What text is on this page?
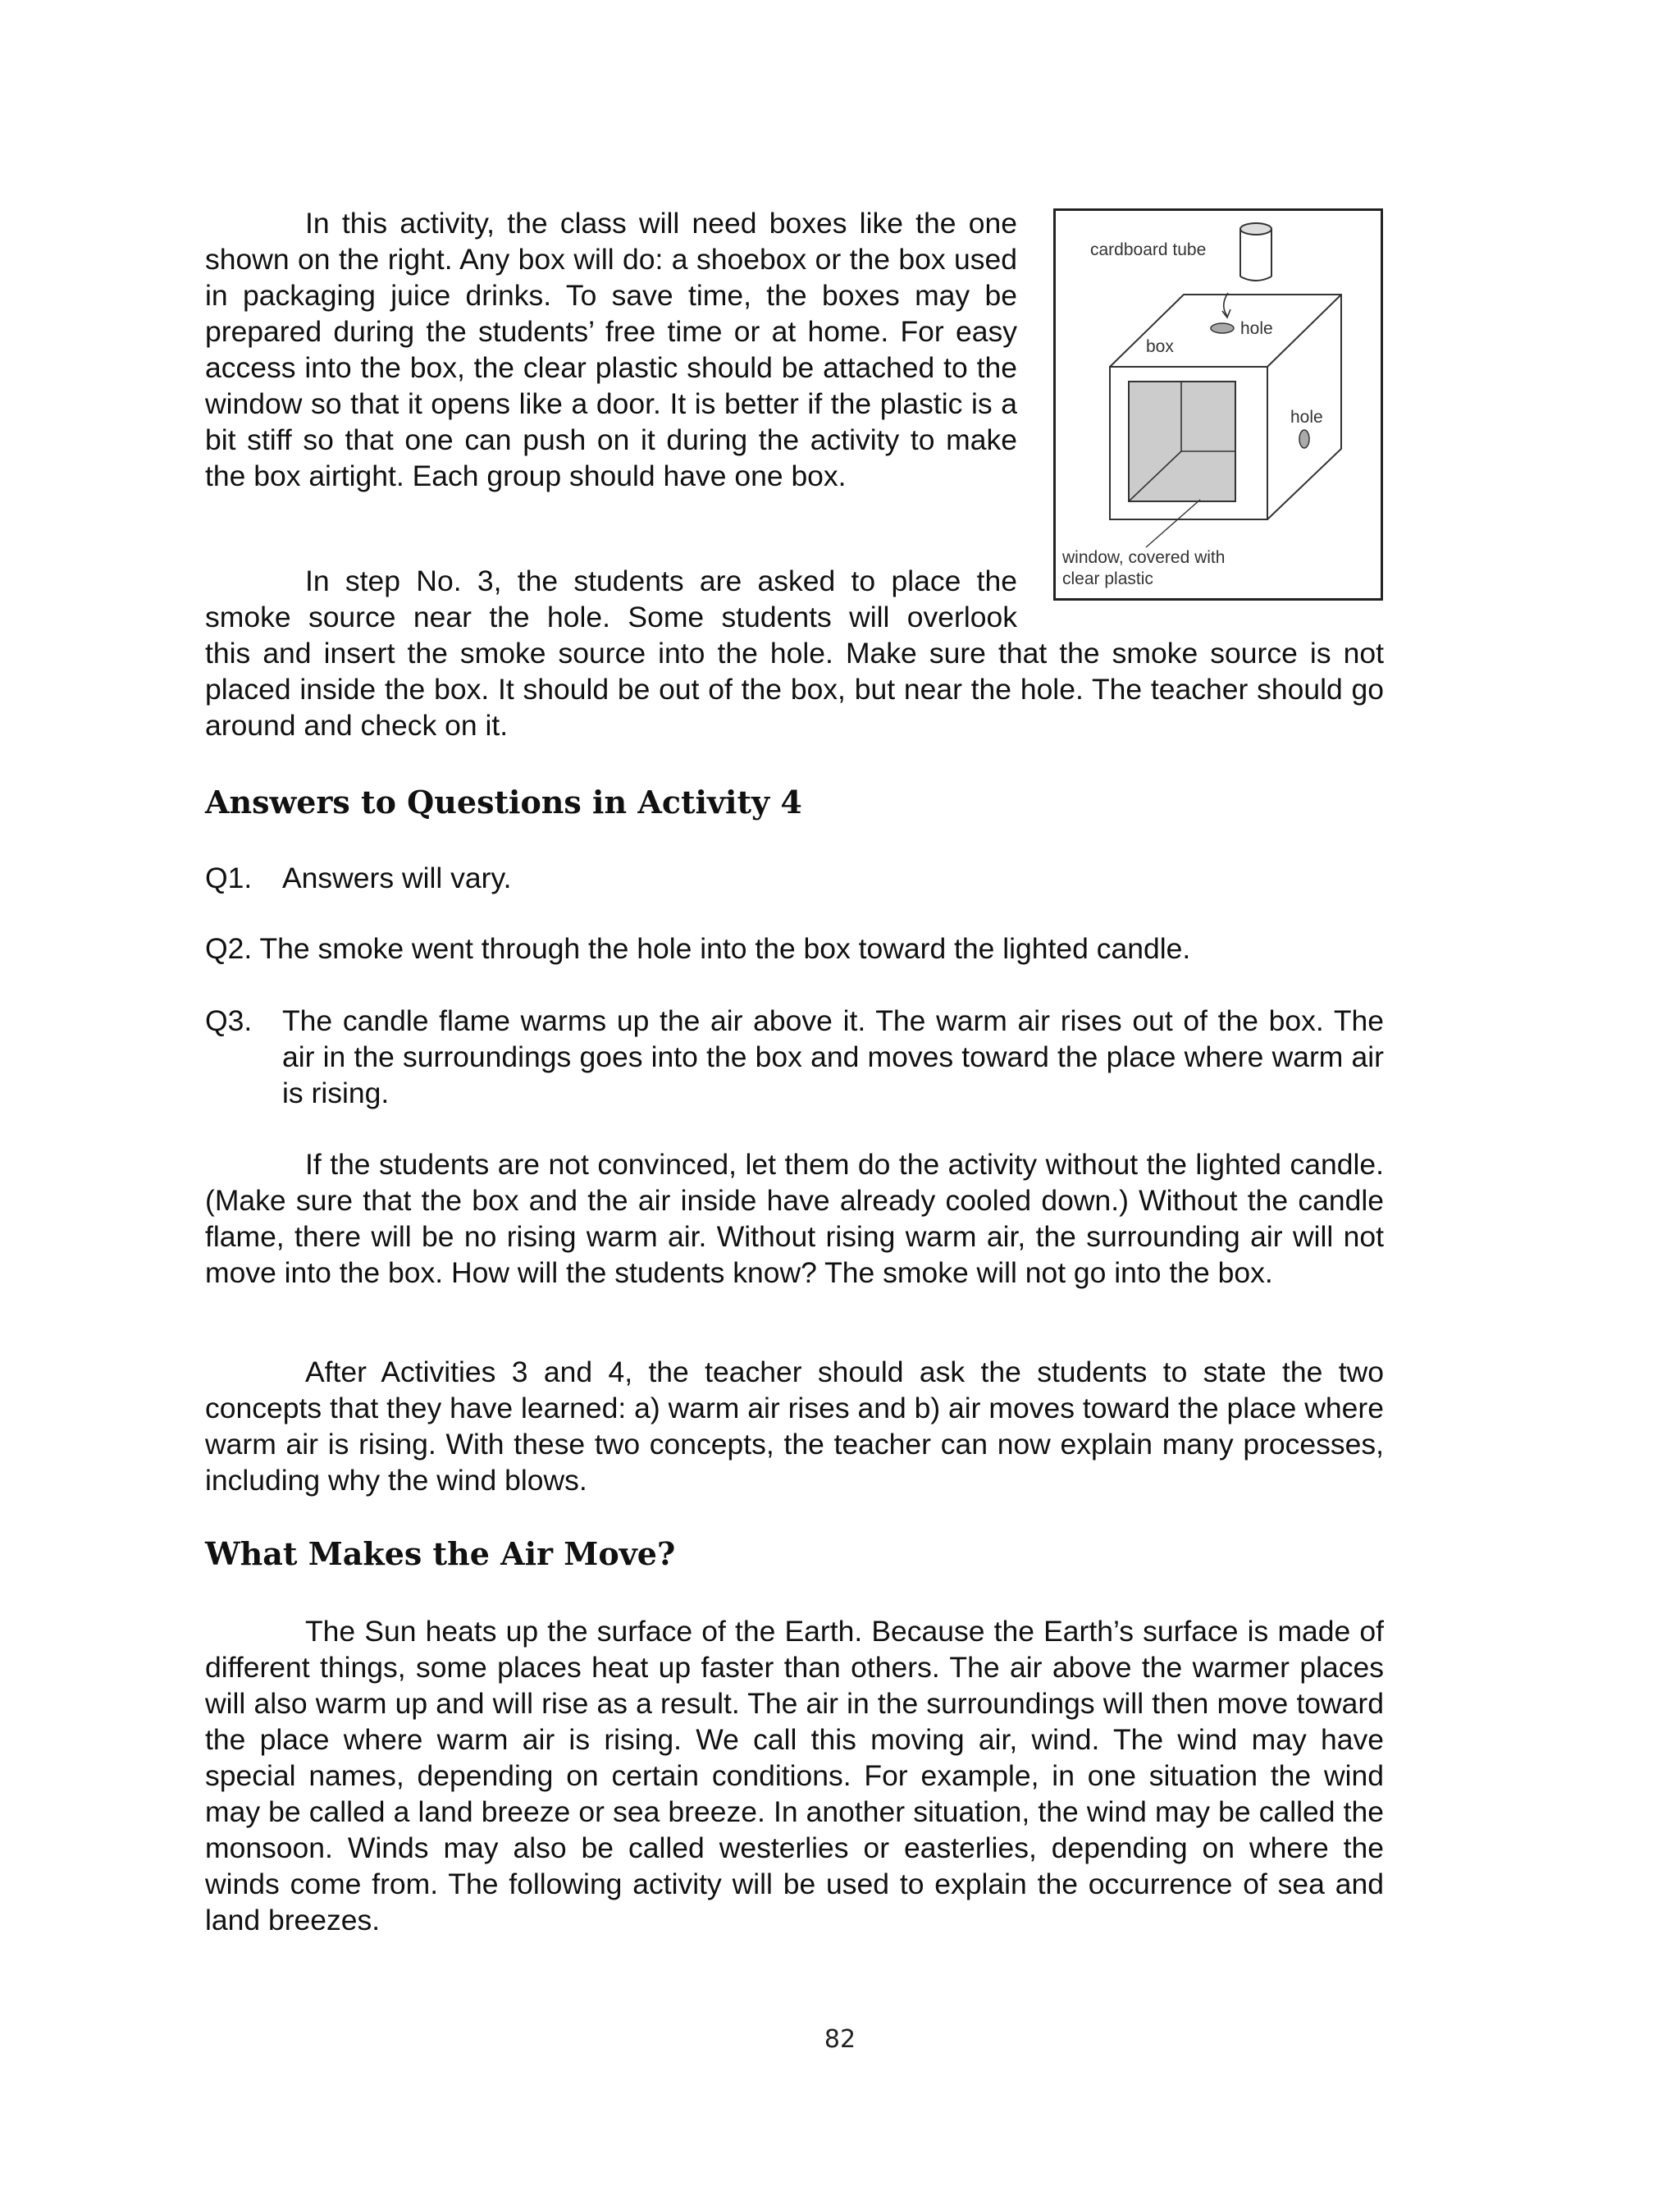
In this activity, the class will need boxes like the one shown on the right. Any box will do: a shoebox or the box used in packaging juice drinks. To save time, the boxes may be prepared during the students’ free time or at home. For easy access into the box, the clear plastic should be attached to the window so that it opens like a door. It is better if the plastic is a bit stiff so that one can push on it during the activity to make the box airtight. Each group should have one box.

cardboard tube
hole
box
hole
window, covered with
clear plastic

In step No. 3, the students are asked to place the
smoke source near the hole. Some students will overlook
this and insert the smoke source into the hole. Make sure that the smoke source is not placed inside the box. It should be out of the box, but near the hole. The teacher should go around and check on it.

Answers to Questions in Activity 4
Q1.	Answers will vary.

Q2. The smoke went through the hole into the box toward the lighted candle.

Q3.	The candle flame warms up the air above it. The warm air rises out of the box. The air in the surroundings goes into the box and moves toward the place where warm air is rising.

If the students are not convinced, let them do the activity without the lighted candle. (Make sure that the box and the air inside have already cooled down.) Without the candle flame, there will be no rising warm air. Without rising warm air, the surrounding air will not move into the box. How will the students know? The smoke will not go into the box.

After Activities 3 and 4, the teacher should ask the students to state the two concepts that they have learned: a) warm air rises and b) air moves toward the place where warm air is rising. With these two concepts, the teacher can now explain many processes, including why the wind blows.

What Makes the Air Move?

The Sun heats up the surface of the Earth. Because the Earth’s surface is made of different things, some places heat up faster than others. The air above the warmer places will also warm up and will rise as a result. The air in the surroundings will then move toward the place where warm air is rising. We call this moving air, wind. The wind may have special names, depending on certain conditions. For example, in one situation the wind may be called a land breeze or sea breeze. In another situation, the wind may be called the monsoon. Winds may also be called westerlies or easterlies, depending on where the winds come from. The following activity will be used to explain the occurrence of sea and land breezes.

82
